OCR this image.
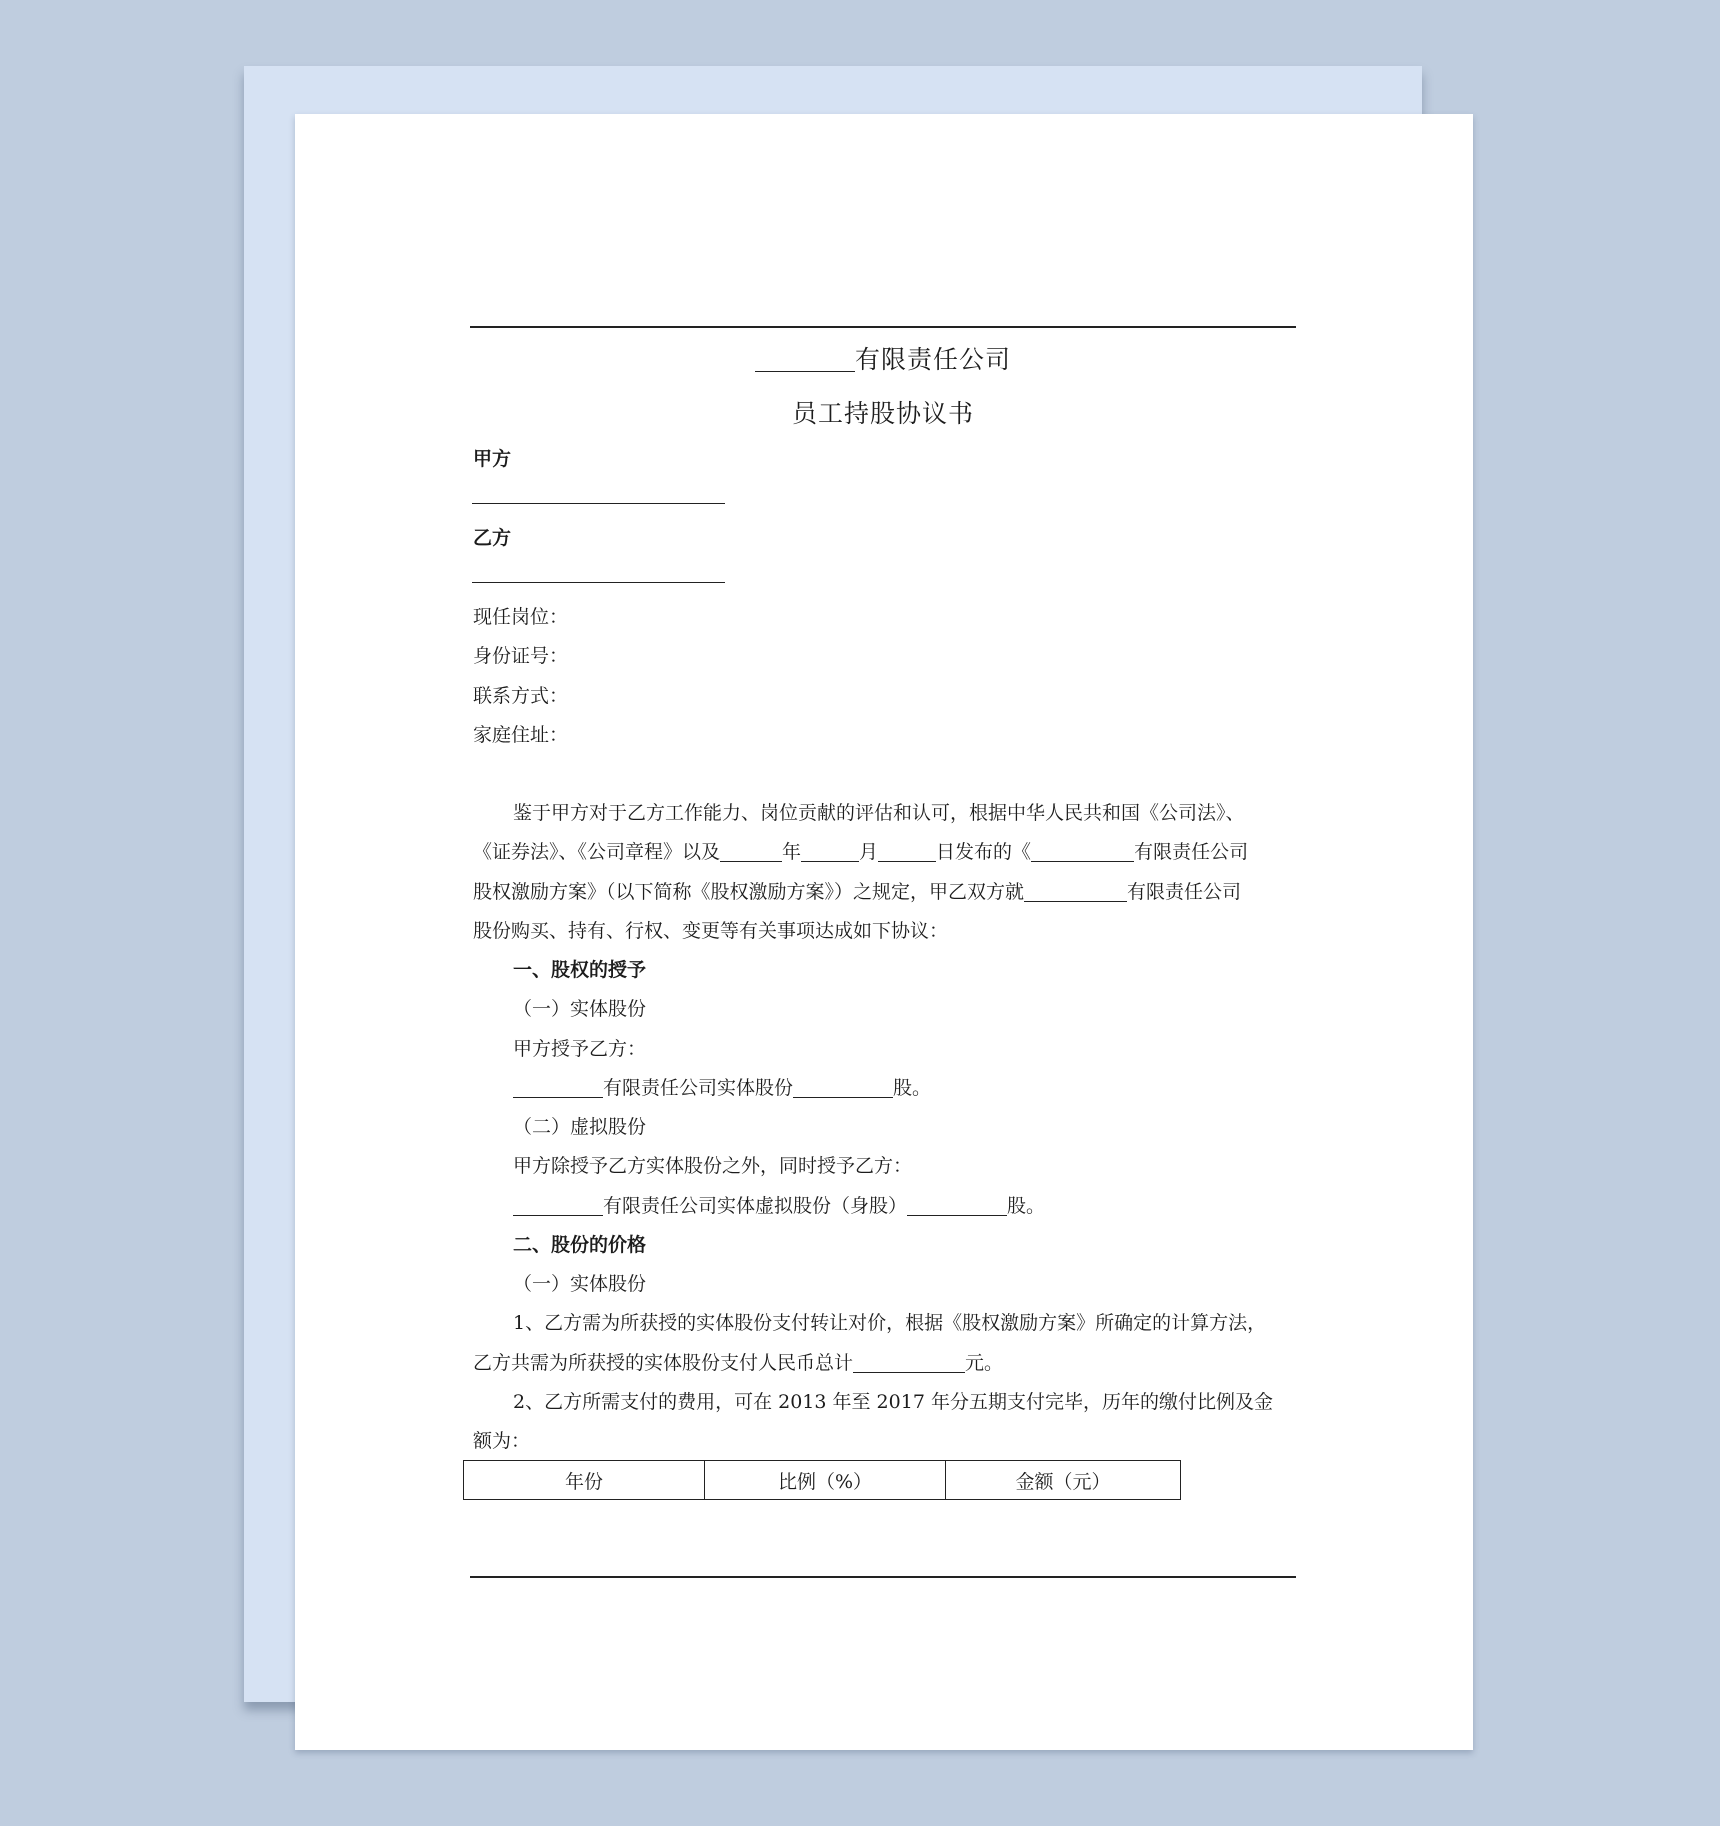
有限责任公司
员工持股协议书
甲方
乙方
现任岗位：
身份证号：
联系方式：
家庭住址：
鉴于甲方对于乙方工作能力、岗位贡献的评估和认可，根据中华人民共和国《公司法》、
《证券法》、《公司章程》以及	年	月	日发布的《	有限责任公司
股权激励方案》（以下简称《股权激励方案》）之规定，甲乙双方就	有限责任公司
股份购买、持有、行权、变更等有关事项达成如下协议：
一、股权的授予
（一）实体股份
甲方授予乙方：
有限责任公司实体股份	股。
（二）虚拟股份
甲方除授予乙方实体股份之外，同时授予乙方：
有限责任公司实体虚拟股份（身股）	股。
二、股份的价格
（一）实体股份
1、乙方需为所获授的实体股份支付转让对价，根据《股权激励方案》所确定的计算方法，
乙方共需为所获授的实体股份支付人民币总计	元。
2、乙方所需支付的费用，可在 2013 年至 2017 年分五期支付完毕，历年的缴付比例及金
额为：
年份	比例（%）	金额（元）
